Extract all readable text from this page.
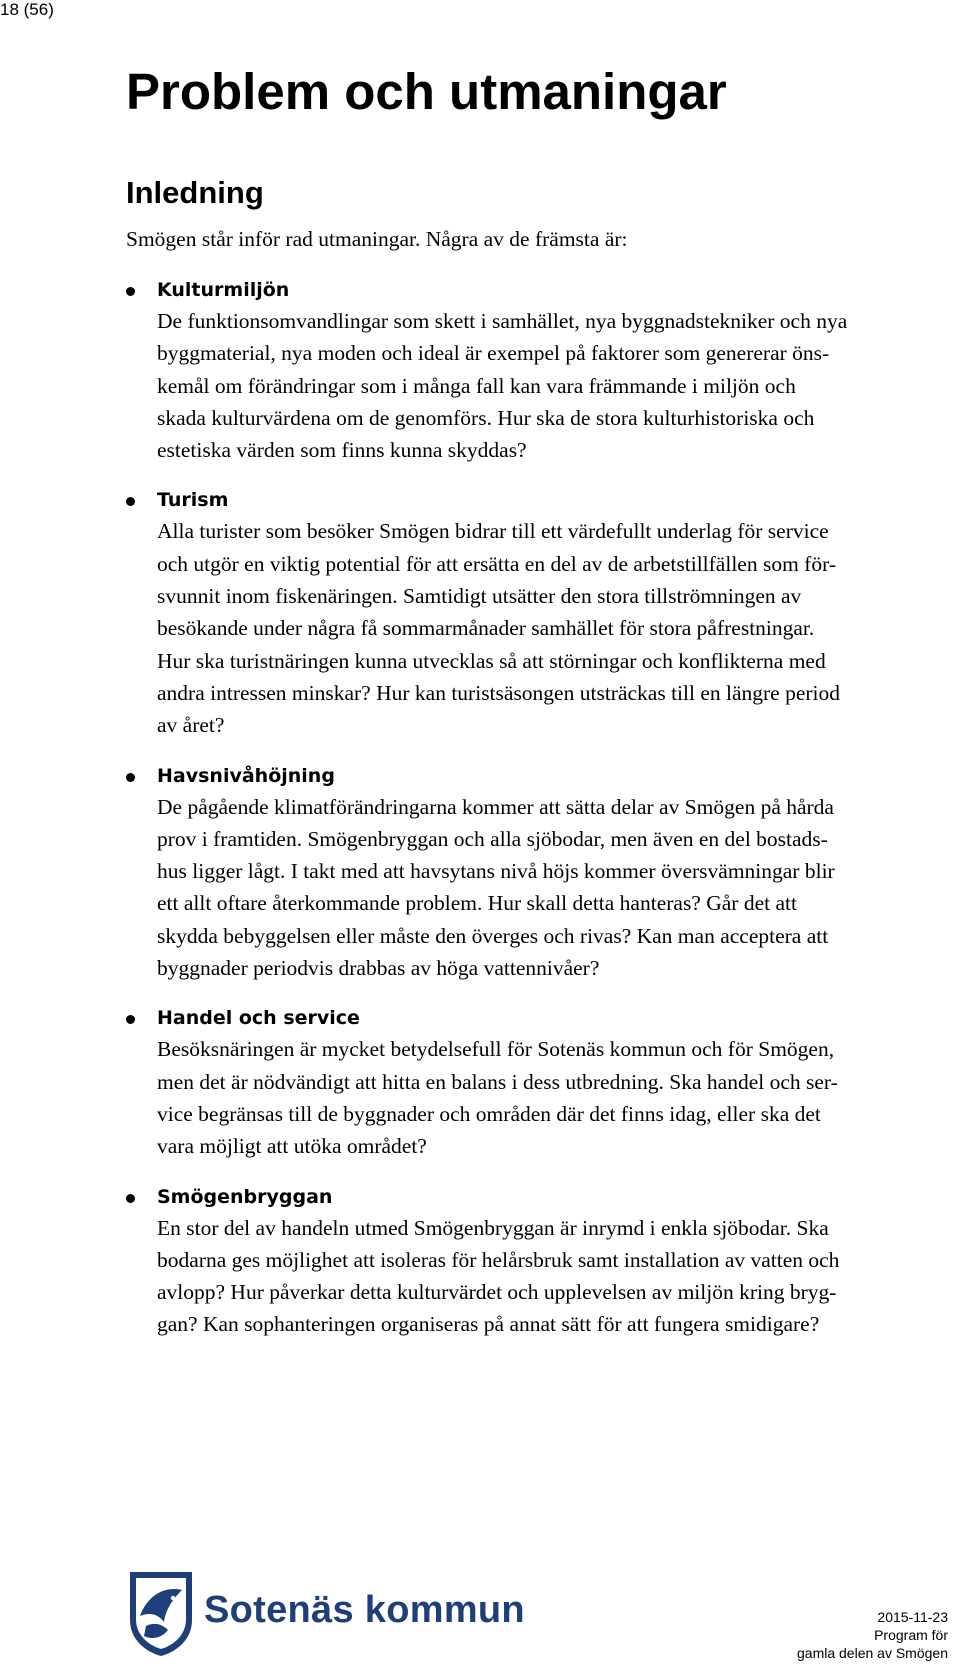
18 (56)
Problem och utmaningar
Inledning

Smögen står inför rad utmaningar. Några av de främsta är:

Kulturmiljön
De funktionsomvandlingar som skett i samhället, nya byggnadstekniker och nya
byggmaterial, nya moden och ideal är exempel på faktorer som genererar öns-
kemål om förändringar som i många fall kan vara främmande i miljön och
skada kulturvärdena om de genomförs. Hur ska de stora kulturhistoriska och
estetiska värden som finns kunna skyddas?
Turism
Alla turister som besöker Smögen bidrar till ett värdefullt underlag för service
och utgör en viktig potential för att ersätta en del av de arbetstillfällen som för-
svunnit inom fiskenäringen. Samtidigt utsätter den stora tillströmningen av
besökande under några få sommarmånader samhället för stora påfrestningar.
Hur ska turistnäringen kunna utvecklas så att störningar och konflikterna med
andra intressen minskar? Hur kan turistsäsongen utsträckas till en längre period
av året?
Havsnivåhöjning
De pågående klimatförändringarna kommer att sätta delar av Smögen på hårda
prov i framtiden. Smögenbryggan och alla sjöbodar, men även en del bostads-
hus ligger lågt. I takt med att havsytans nivå höjs kommer översvämningar blir
ett allt oftare återkommande problem. Hur skall detta hanteras? Går det att
skydda bebyggelsen eller måste den överges och rivas? Kan man acceptera att
byggnader periodvis drabbas av höga vattennivåer?
Handel och service
Besöksnäringen är mycket betydelsefull för Sotenäs kommun och för Smögen,
men det är nödvändigt att hitta en balans i dess utbredning. Ska handel och ser-
vice begränsas till de byggnader och områden där det finns idag, eller ska det
vara möjligt att utöka området?
Smögenbryggan
En stor del av handeln utmed Smögenbryggan är inrymd i enkla sjöbodar. Ska
bodarna ges möjlighet att isoleras för helårsbruk samt installation av vatten och
avlopp? Hur påverkar detta kulturvärdet och upplevelsen av miljön kring bryg-
gan? Kan sophanteringen organiseras på annat sätt för att fungera smidigare?
Sotenäs kommun	2015-11-23
Program för
gamla delen av Smögen
